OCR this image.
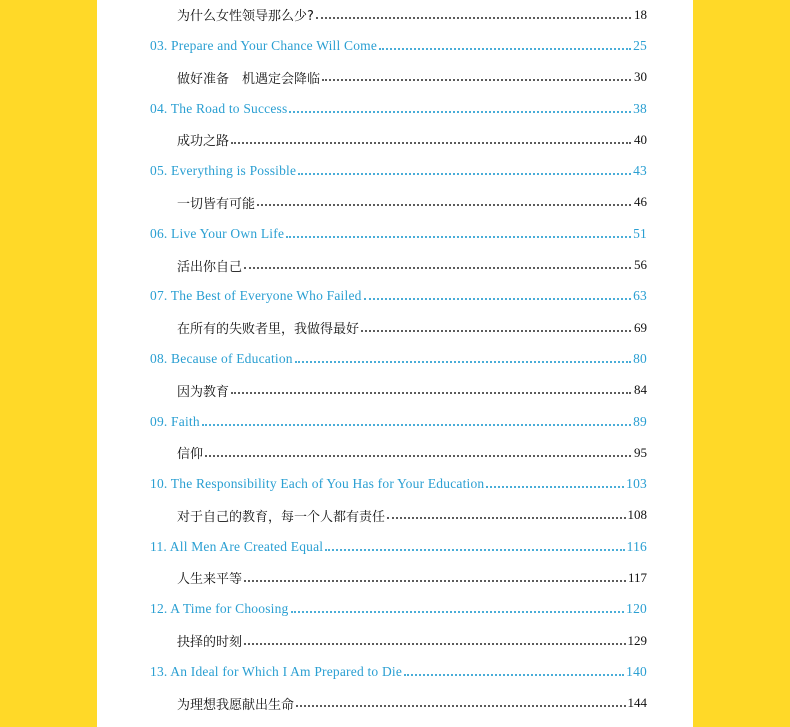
为什么女性领导那么少?	18
03. Prepare and Your Chance Will Come	25
做好准备　机遇定会降临	30
04. The Road to Success	38
成功之路	40
05. Everything is Possible	43
一切皆有可能	46
06. Live Your Own Life	51
活出你自己	56
07. The Best of Everyone Who Failed	63
在所有的失败者里，我做得最好	69
08. Because of Education	80
因为教育	84
09. Faith	89
信仰	95
10. The Responsibility Each of You Has for Your Education	103
对于自己的教育，每一个人都有责任	108
11. All Men Are Created Equal	116
人生来平等	117
12. A Time for Choosing	120
抉择的时刻	129
13. An Ideal for Which I Am Prepared to Die	140
为理想我愿献出生命	144
